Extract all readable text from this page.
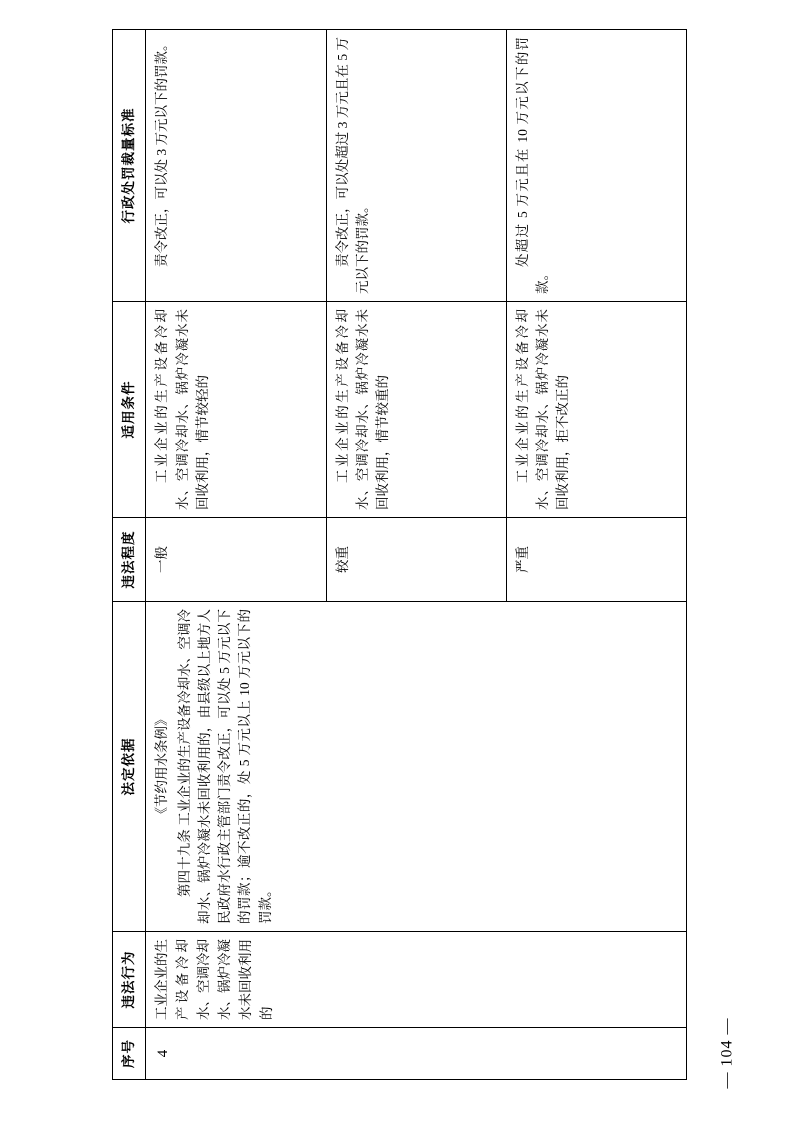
序号	违法行为	法定依据	违法程度	适用条件	行政处罚裁量标准
4	工业企业的生产设备冷却水、空调冷却水、锅炉冷凝水未回收利用的	《节约用水条例》 第四十九条 工业企业的生产设备冷却水、空调冷却水、锅炉冷凝水未回收利用的，由县级以上地方人民政府水行政主管部门责令改正，可以处 5 万元以下的罚款；逾不改正的，处 5 万元以上 10 万元以下的罚款。	一般	工业企业的生产设备冷却水、空调冷却水、锅炉冷凝水未回收利用，情节较轻的	责令改正，可以处 3 万元以下的罚款。

			较重	工业企业的生产设备冷却水、空调冷却水、锅炉冷凝水未回收利用，情节较重的	责令改正，可以处超过 3 万元且在 5 万元以下的罚款。

			严重	工业企业的生产设备冷却水、空调冷却水、锅炉冷凝水未回收利用，拒不改正的	处超过 5 万元且在 10 万元以下的罚款。
— 104 —
